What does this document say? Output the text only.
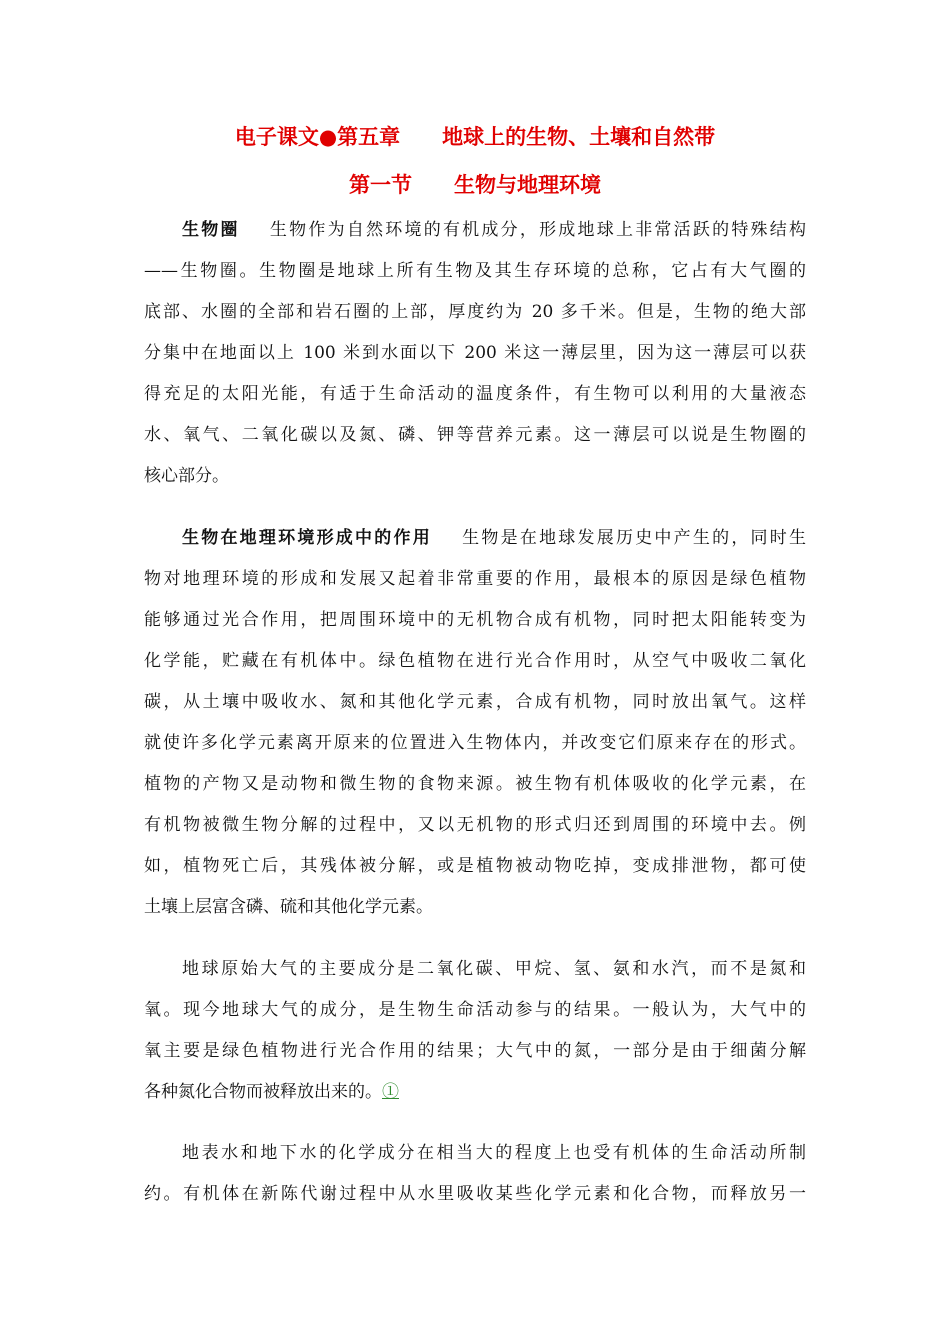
电子课文●第五章　　地球上的生物、土壤和自然带
第一节　　生物与地理环境
生物圈 生物作为自然环境的有机成分，形成地球上非常活跃的特殊结构
——生物圈。生物圈是地球上所有生物及其生存环境的总称，它占有大气圈的
底部、水圈的全部和岩石圈的上部，厚度约为 20 多千米。但是，生物的绝大部
分集中在地面以上 100 米到水面以下 200 米这一薄层里，因为这一薄层可以获
得充足的太阳光能，有适于生命活动的温度条件，有生物可以利用的大量液态
水、氧气、二氧化碳以及氮、磷、钾等营养元素。这一薄层可以说是生物圈的
核心部分。
生物在地理环境形成中的作用 生物是在地球发展历史中产生的，同时生
物对地理环境的形成和发展又起着非常重要的作用，最根本的原因是绿色植物
能够通过光合作用，把周围环境中的无机物合成有机物，同时把太阳能转变为
化学能，贮藏在有机体中。绿色植物在进行光合作用时，从空气中吸收二氧化
碳，从土壤中吸收水、氮和其他化学元素，合成有机物，同时放出氧气。这样
就使许多化学元素离开原来的位置进入生物体内，并改变它们原来存在的形式。
植物的产物又是动物和微生物的食物来源。被生物有机体吸收的化学元素，在
有机物被微生物分解的过程中，又以无机物的形式归还到周围的环境中去。例
如，植物死亡后，其残体被分解，或是植物被动物吃掉，变成排泄物，都可使
土壤上层富含磷、硫和其他化学元素。
地球原始大气的主要成分是二氧化碳、甲烷、氢、氨和水汽，而不是氮和
氧。现今地球大气的成分，是生物生命活动参与的结果。一般认为，大气中的
氧主要是绿色植物进行光合作用的结果；大气中的氮，一部分是由于细菌分解
各种氮化合物而被释放出来的。①
地表水和地下水的化学成分在相当大的程度上也受有机体的生命活动所制
约。有机体在新陈代谢过程中从水里吸收某些化学元素和化合物，而释放另一
